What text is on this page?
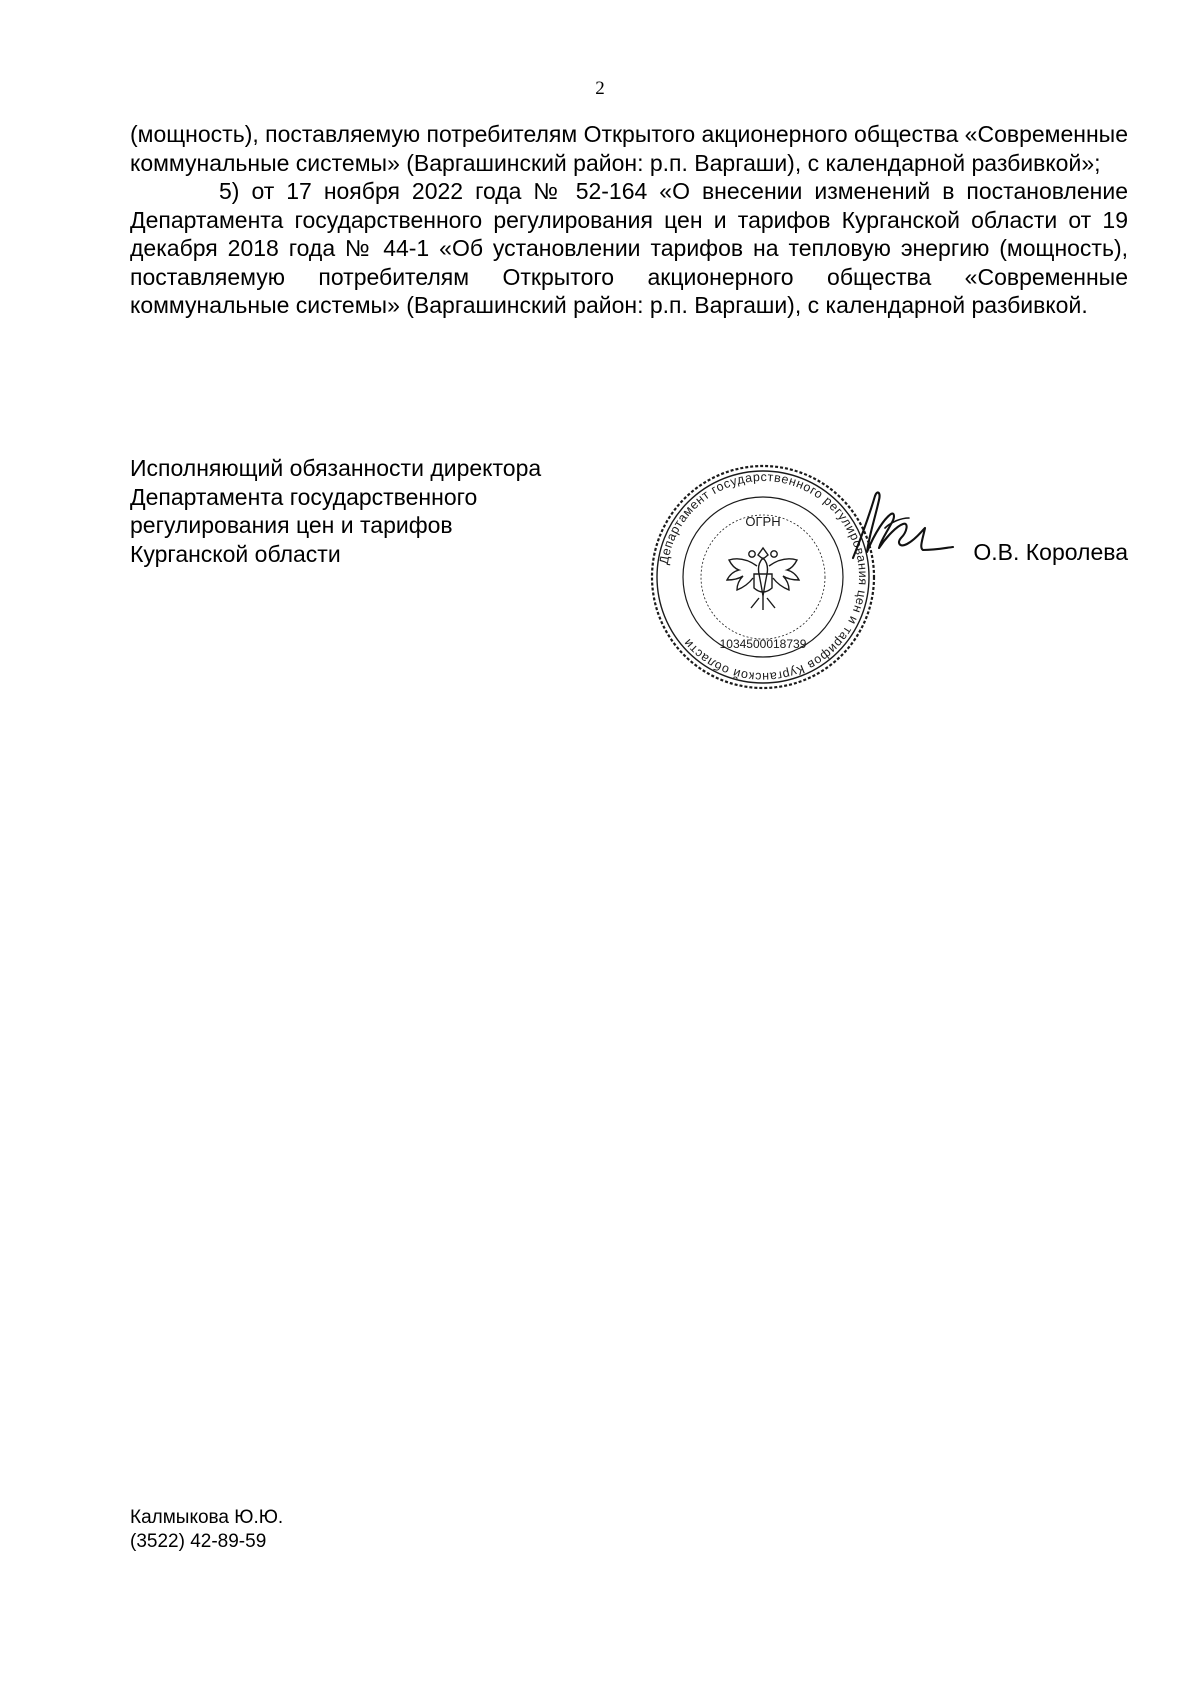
2

(мощность), поставляемую потребителям Открытого акционерного общества «Современные коммунальные системы» (Варгашинский район: р.п. Варгаши), с календарной разбивкой»;

5) от 17 ноября 2022 года № 52-164 «О внесении изменений в постановление Департамента государственного регулирования цен и тарифов Курганской области от 19 декабря 2018 года № 44-1 «Об установлении тарифов на тепловую энергию (мощность), поставляемую потребителям Открытого акционерного общества «Современные коммунальные системы» (Варгашинский район: р.п. Варгаши), с календарной разбивкой.

Исполняющий обязанности директора
Департамента государственного
регулирования цен и тарифов
Курганской области	Департамент государственного регулирования цен и тарифов Курганской области
ОГРН
1034500018739
О.В. Королева
Калмыкова Ю.Ю.
(3522) 42-89-59
